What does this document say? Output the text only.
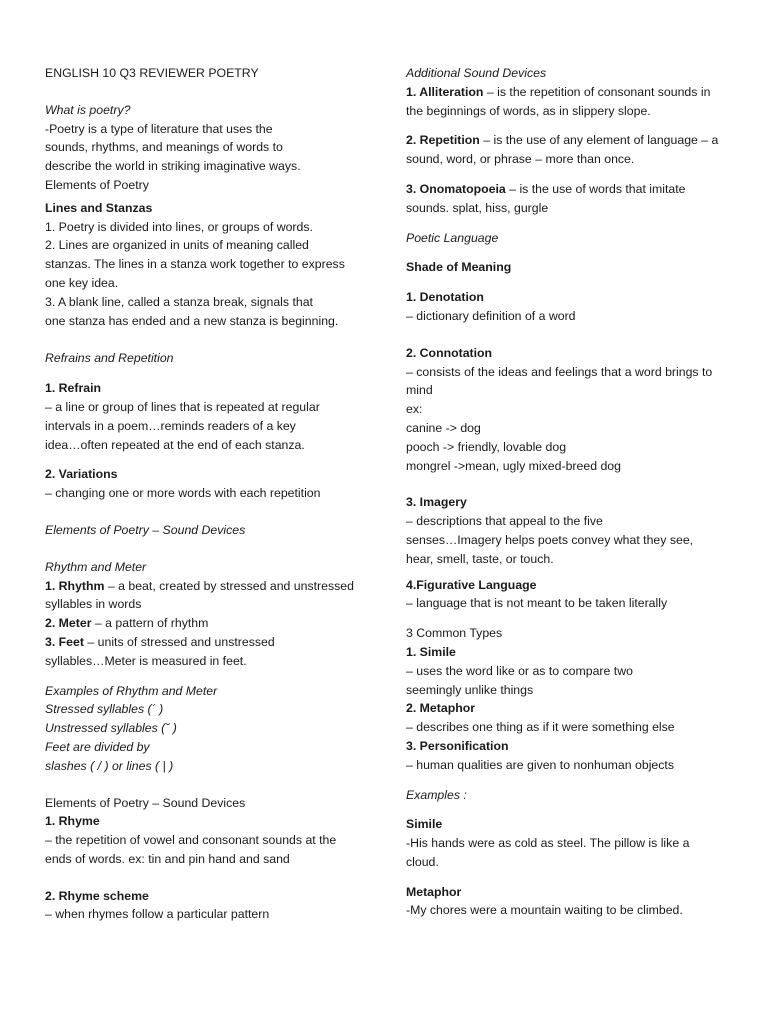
ENGLISH 10 Q3 REVIEWER POETRY
What is poetry?
-Poetry is a type of literature that uses the
sounds, rhythms, and meanings of words to
describe the world in striking imaginative ways.
Elements of Poetry
Lines and Stanzas
1. Poetry is divided into lines, or groups of words.
2. Lines are organized in units of meaning called
stanzas. The lines in a stanza work together to express
one key idea.
3. A blank line, called a stanza break, signals that
one stanza has ended and a new stanza is beginning.
Refrains and Repetition
1. Refrain
– a line or group of lines that is repeated at regular
intervals in a poem…reminds readers of a key
idea…often repeated at the end of each stanza.
2. Variations
– changing one or more words with each repetition
Elements of Poetry – Sound Devices
Rhythm and Meter
1. Rhythm – a beat, created by stressed and unstressed
syllables in words
2. Meter – a pattern of rhythm
3. Feet – units of stressed and unstressed
syllables…Meter is measured in feet.
Examples of Rhythm and Meter
Stressed syllables (´ )
Unstressed syllables (˘ )
Feet are divided by
slashes ( / ) or lines ( | )
Elements of Poetry – Sound Devices
1. Rhyme
– the repetition of vowel and consonant sounds at the
ends of words. ex: tin and pin hand and sand
2. Rhyme scheme
– when rhymes follow a particular pattern
Additional Sound Devices
1. Alliteration – is the repetition of consonant sounds in
the beginnings of words, as in slippery slope.
2. Repetition – is the use of any element of language – a
sound, word, or phrase – more than once.
3. Onomatopoeia – is the use of words that imitate
sounds. splat, hiss, gurgle
Poetic Language
Shade of Meaning
1. Denotation
– dictionary definition of a word
2. Connotation
– consists of the ideas and feelings that a word brings to
mind
ex:
canine -> dog
pooch -> friendly, lovable dog
mongrel ->mean, ugly mixed-breed dog
3. Imagery
– descriptions that appeal to the five
senses…Imagery helps poets convey what they see,
hear, smell, taste, or touch.
4.Figurative Language
– language that is not meant to be taken literally
3 Common Types
1. Simile
– uses the word like or as to compare two
seemingly unlike things
2. Metaphor
– describes one thing as if it were something else
3. Personification
– human qualities are given to nonhuman objects
Examples :
Simile
-His hands were as cold as steel. The pillow is like a
cloud.
Metaphor
-My chores were a mountain waiting to be climbed.
